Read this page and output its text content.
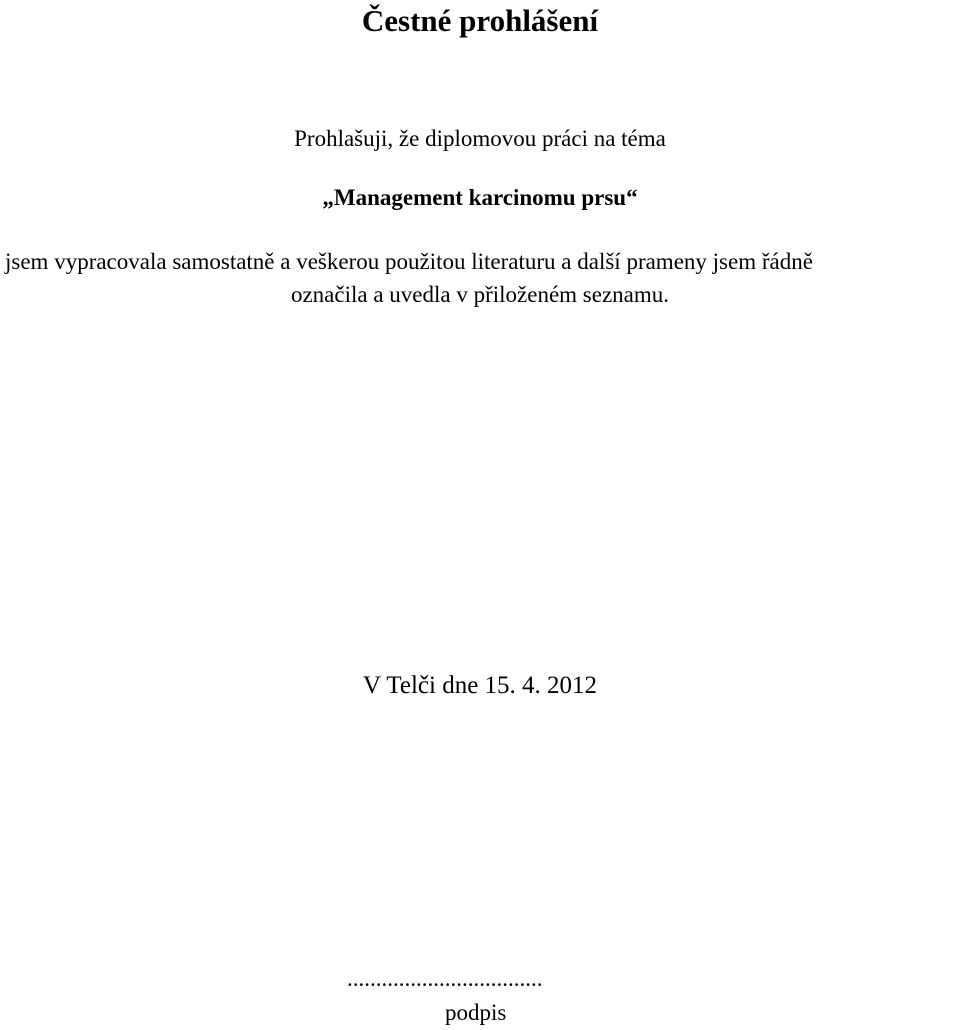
Čestné prohlášení
Prohlašuji, že diplomovou práci na téma
„Management karcinomu prsu“
jsem vypracovala samostatně a veškerou použitou literaturu a další prameny jsem řádně
označila a uvedla v přiloženém seznamu.
V Telči dne 15. 4. 2012
..................................
podpis
